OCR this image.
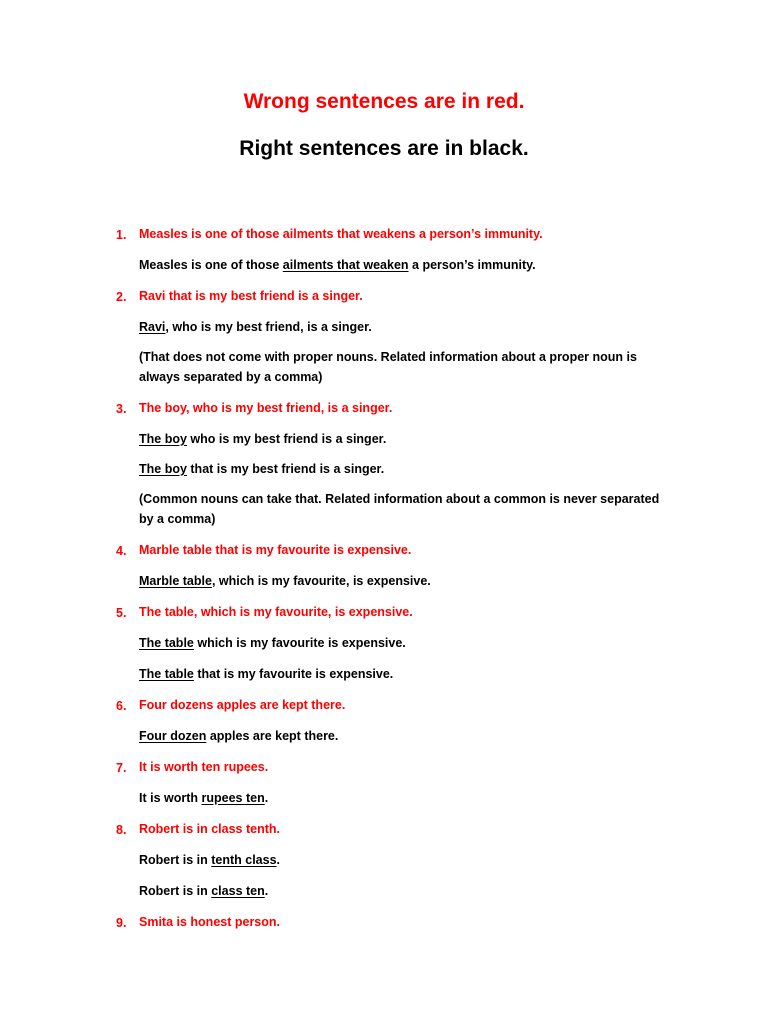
Wrong sentences are in red.
Right sentences are in black.
1.	Measles is one of those ailments that weakens a person’s immunity.
Measles is one of those ailments that weaken a person’s immunity.
2.	Ravi that is my best friend is a singer.
Ravi, who is my best friend, is a singer.
(That does not come with proper nouns. Related information about a proper noun is always separated by a comma)
3.	The boy, who is my best friend, is a singer.
The boy who is my best friend is a singer.
The boy that is my best friend is a singer.
(Common nouns can take that. Related information about a common is never separated by a comma)
4.	Marble table that is my favourite is expensive.
Marble table, which is my favourite, is expensive.
5.	The table, which is my favourite, is expensive.
The table which is my favourite is expensive.
The table that is my favourite is expensive.
6.	Four dozens apples are kept there.
Four dozen apples are kept there.
7.	It is worth ten rupees.
It is worth rupees ten.
8.	Robert is in class tenth.
Robert is in tenth class.
Robert is in class ten.
9.	Smita is honest person.
